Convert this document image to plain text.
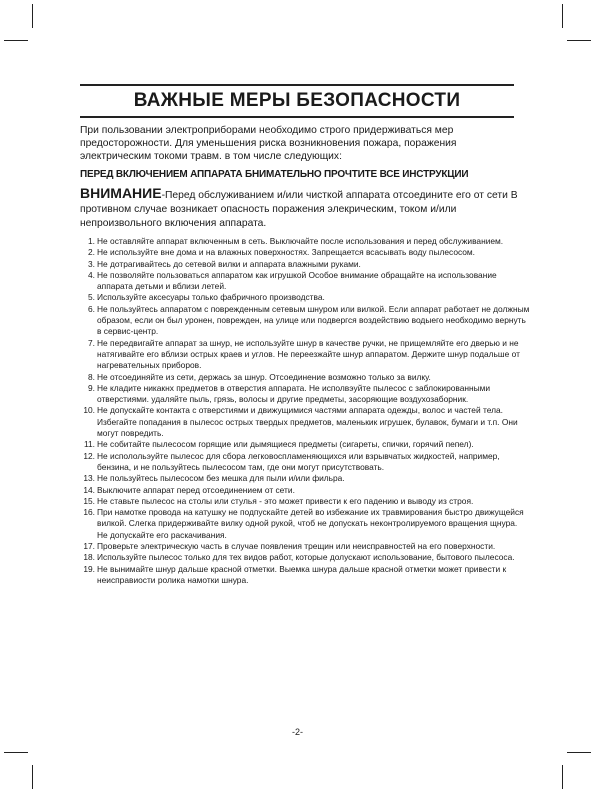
ВАЖНЫЕ МЕРЫ БЕЗОПАСНОСТИ
При пользовании электроприборами необходимо строго придерживаться мер предосторожности. Для уменьшения риска возникновения пожара, поражения электрическим токоми травм. в том числе следующих:
ПЕРЕД ВКЛЮЧЕНИЕМ АППАРАТА БНИМАТЕЛЬНО ПРОЧТИТЕ ВСЕ ИНСТРУКЦИИ
ВНИМАНИЕ-Перед обслуживанием и/или чисткой аппарата отсоедините его от сети В противном случае возникает опасность поражения элекрическим, током и/или непроизвольного включения аппарата.
1. Не оставляйте аппарат включенным в сеть. Выключайте после использования и перед обслуживанием.
2. Не используйте вне дома и на влажных поверхностях. Запрещается всасывать воду пылесосом.
3. Не дотрагивайтесь до сетевой вилки и аппарата влажными руками.
4. Не позволяйте пользоваться аппаратом как игрушкой Особое внимание обращайте на использование аппарата детьми и вблизи летей.
5. Используйте аксесуары только фабричного производства.
6. Не пользуйтесь аппаратом с поврежденным сетевым шнуром или вилкой. Если аппарат работает не должным образом, если он был уронен, поврежден, на улице или подвергся воздействию водыего необходимо вернуть в сервис-центр.
7. Не передвигайте аппарат за шнур, не используйте шнур в качестве ручки, не прищемляйте его дверью и не натягивайте его вблизи острых краев и углов. Не переезжайте шнур аппаратом. Держите шнур подальше от нагревательных приборов.
8. Не отсоединяйте из сети, держась за шнур. Отсоединение возможно только за вилку.
9. Не кладите никакнх предметов в отверстия аппарата. Не исполвэуйте пылесос с заблокированными отверстиями. удаляйте пыль, грязь, волосы и другие предметы, засоряющие воздухозаборник.
10. Не допускайте контакта с отверстиями и движущимися частями аппарата одежды, волос и частей тела. Избегайте попадания в пылесос острых твердых предметов, маленькик игрушек, булавок, бумаги и т.п. Они могут повредить.
11. Не собитайте пылесосом горящие или дымящиеся предметы (сигареты, спички, горячий пепел).
12. Не исполольэуйте пылесос для сбора легковоспламеняющихся или взрывчатых жидкостей, например, бензина, и не пользуйтесь пылесосом там, где они могут присутствовать.
13. Не пользуйтесь пылесосом без мешка для пыли и/или фильра.
14. Выключите аппарат перед отсоединением от сети.
15. Не ставьте пылесос на столы или стулья - это может привести к его падению и выводу из строя.
16. При намотке провода на катушку не подпускайте детей во избежание их травмирования быстро движущейся вилкой. Слегка придерживайте вилку одной рукой, чтоб не допускать неконтролируемого вращения щнура. Не допускайте его раскачивания.
17. Проверьте электрическую часть в случае появления трещин или неисправностей на его поверхности.
18. Используйте пылесос только для тех видов работ, которые долускают использование, бытового пылесоса.
19. Не вынимайте шнур дальше красной отметки. Выемка шнура дальше красной отметки может привести к неисправиости ролика намотки шнура.
-2-
